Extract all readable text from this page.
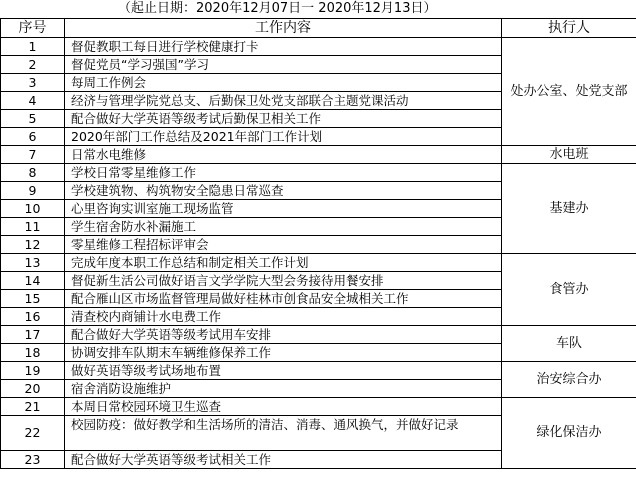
（起止日期：2020年12月07日一 2020年12月13日）
序号	工作内容	执行人
1	督促教职工每日进行学校健康打卡	处办公室、处党支部
2	督促党员“学习强国”学习	
3	每周工作例会	
4	经济与管理学院党总支、后勤保卫处党支部联合主题党课活动	
5	配合做好大学英语等级考试后勤保卫相关工作	
6	2020年部门工作总结及2021年部门工作计划	
7	日常水电维修	水电班
8	学校日常零星维修工作	基建办
9	学校建筑物、构筑物安全隐患日常巡查	
10	心里咨询实训室施工现场监管	
11	学生宿舍防水补漏施工	
12	零星维修工程招标评审会	
13	完成年度本职工作总结和制定相关工作计划	食管办
14	督促新生活公司做好语言文学学院大型会务接待用餐安排	
15	配合雁山区市场监督管理局做好桂林市创食品安全城相关工作	
16	清查校内商铺计水电费工作	
17	配合做好大学英语等级考试用车安排	车队
18	协调安排车队期末车辆维修保养工作	
19	做好英语等级考试场地布置	治安综合办
20	宿舍消防设施维护	
21	本周日常校园环境卫生巡查	绿化保洁办
22	校园防疫：做好教学和生活场所的清洁、消毒、通风换气，并做好记录	
23	配合做好大学英语等级考试相关工作	
